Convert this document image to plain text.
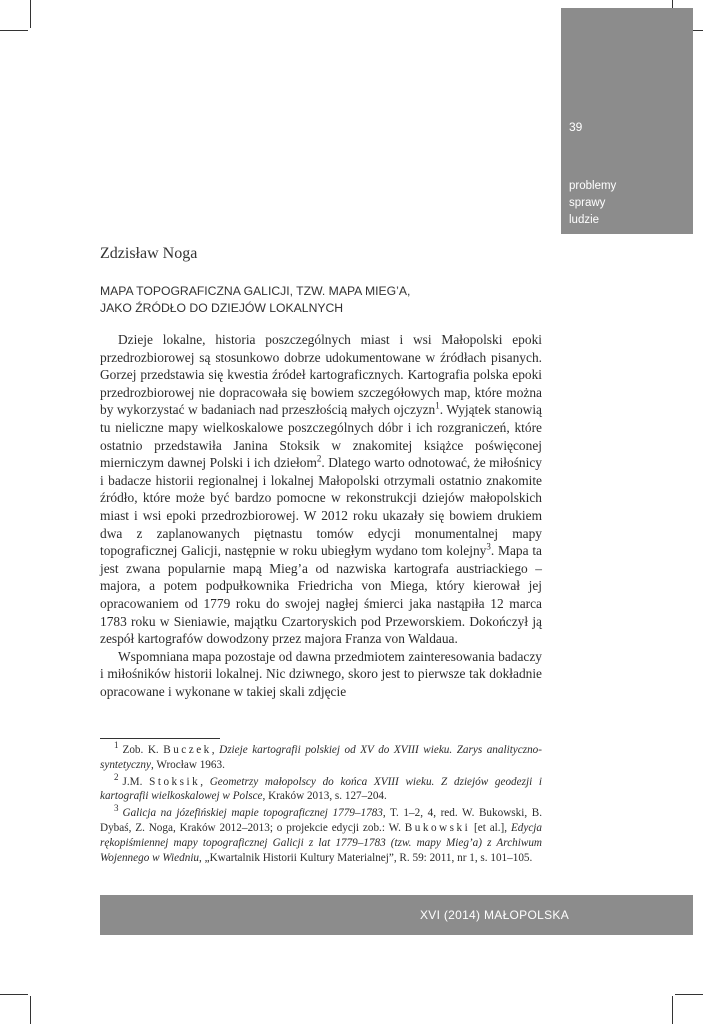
39
problemy
sprawy
ludzie
Zdzisław Noga
MAPA TOPOGRAFICZNA GALICJI, TZW. MAPA MIEG’A,
JAKO ŹRÓDŁO DO DZIEJÓW LOKALNYCH

Dzieje lokalne, historia poszczególnych miast i wsi Małopolski epoki przedrozbiorowej są stosunkowo dobrze udokumentowane w źródłach pisanych. Gorzej przedstawia się kwestia źródeł kartograficznych. Kartografia polska epoki przedrozbiorowej nie dopracowała się bowiem szczegółowych map, które można by wykorzystać w badaniach nad przeszłością małych ojczyzn$^1$. Wyjątek stanowią tu nieliczne mapy wielkoskalowe poszczególnych dóbr i ich rozgraniczeń, które ostatnio przedstawiła Janina Stoksik w znakomitej książce poświęconej mierniczym dawnej Polski i ich dziełom$^2$. Dlatego warto odnotować, że miłośnicy i badacze historii regionalnej i lokalnej Małopolski otrzymali ostatnio znakomite źródło, które może być bardzo pomocne w rekonstrukcji dziejów małopolskich miast i wsi epoki przedrozbiorowej. W 2012 roku ukazały się bowiem drukiem dwa z zaplanowanych piętnastu tomów edycji monumentalnej mapy topograficznej Galicji, następnie w roku ubiegłym wydano tom kolejny$^3$. Mapa ta jest zwana popularnie mapą Mieg’a od nazwiska kartografa austriackiego – majora, a potem podpułkownika Friedricha von Miega, który kierował jej opracowaniem od 1779 roku do swojej nagłej śmierci jaka nastąpiła 12 marca 1783 roku w Sieniawie, majątku Czartoryskich pod Przeworskiem. Dokończył ją zespół kartografów dowodzony przez majora Franza von Waldaua.

Wspomniana mapa pozostaje od dawna przedmiotem zainteresowania badaczy i miłośników historii lokalnej. Nic dziwnego, skoro jest to pierwsze tak dokładnie opracowane i wykonane w takiej skali zdjęcie

$^1$ Zob. K. Buczek, Dzieje kartografii polskiej od XV do XVIII wieku. Zarys analityczno-syntetyczny, Wrocław 1963.

$^2$ J.M. Stoksik, Geometrzy małopolscy do końca XVIII wieku. Z dziejów geodezji i kartografii wielkoskalowej w Polsce, Kraków 2013, s. 127–204.

$^3$ Galicja na józefińskiej mapie topograficznej 1779–1783, T. 1–2, 4, red. W. Bukowski, B. Dybaś, Z. Noga, Kraków 2012–2013; o projekcie edycji zob.: W. Bukowski [et al.], Edycja rękopiśmiennej mapy topograficznej Galicji z lat 1779–1783 (tzw. mapy Mieg’a) z Archiwum Wojennego w Wiedniu, „Kwartalnik Historii Kultury Materialnej”, R. 59: 2011, nr 1, s. 101–105.

XVI (2014) MAŁOPOLSKA
